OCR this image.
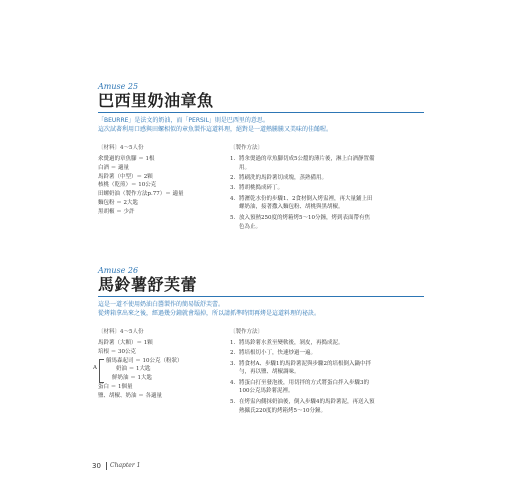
Amuse 25
巴西里奶油章魚
「BEURRE」是法文的奶油，而「PERSIL」則是巴西里的意思。
這次試著利用口感與田螺相似的章魚製作這道料理，絕對是一道熱騰騰又美味的佳餚喔。
〔材料〕4～5人份
氽燙過的章魚腳 ＝ 1根
白酒 ＝ 適量
馬鈴薯（中型）＝ 2顆
核桃（乾煎）＝ 10公克
田螺奶油（製作方法p.77）＝ 適量
麵包粉 ＝ 2大匙
黑胡椒 ＝ 少許
〔製作方法〕
1. 將汆燙過的章魚腳切成5公釐的薄片後，淋上白酒靜置備用。
2. 將刷洗的馬鈴薯切成塊，蒸熟備用。
3. 將胡桃搗成碎丁。
4. 將瀝乾水份的步驟1、2食材倒入烤盅裡，再大量鋪上田螺奶油，接著撒入麵包粉、胡桃與黑胡椒。
5. 放入預熱250度的烤箱烤5～10分鐘，烤到表面帶有焦色為止。
Amuse 26
馬鈴薯舒芙蕾
這是一道不使用奶油白醬製作的簡易版舒芙蕾。
從烤箱拿出來之後，經過幾分鐘就會塌掉，所以請抓準時間再烤是這道料理的祕訣。
〔材料〕4～5人份
馬鈴薯（大顆）＝ 1顆
培根 ＝ 30公克
A
艏馬森起司 ＝ 10公克（粉狀）
奶油 ＝ 1大匙
鮮奶油 ＝ 1大匙
蛋白 ＝ 1個量
鹽、胡椒、奶油 ＝ 各適量
〔製作方法〕
1. 將馬鈴薯水煮至變軟後，剝皮，再搗成泥。
2. 將培根切小丁，快速炒過一遍。
3. 將食材A、步驟1的馬鈴薯泥與步驟2的培根倒入鍋中拌勻，再以鹽、胡椒調味。
4. 將蛋白打至發泡後，用切拌的方式將蛋白拌入步驟3的100公克馬鈴薯泥裡。
5. 在烤盅內側抹奶油後，倒入步驟4的馬鈴薯泥，再送入預熱攝氏220度的烤箱烤5～10分鐘。
30 Chapter 1
